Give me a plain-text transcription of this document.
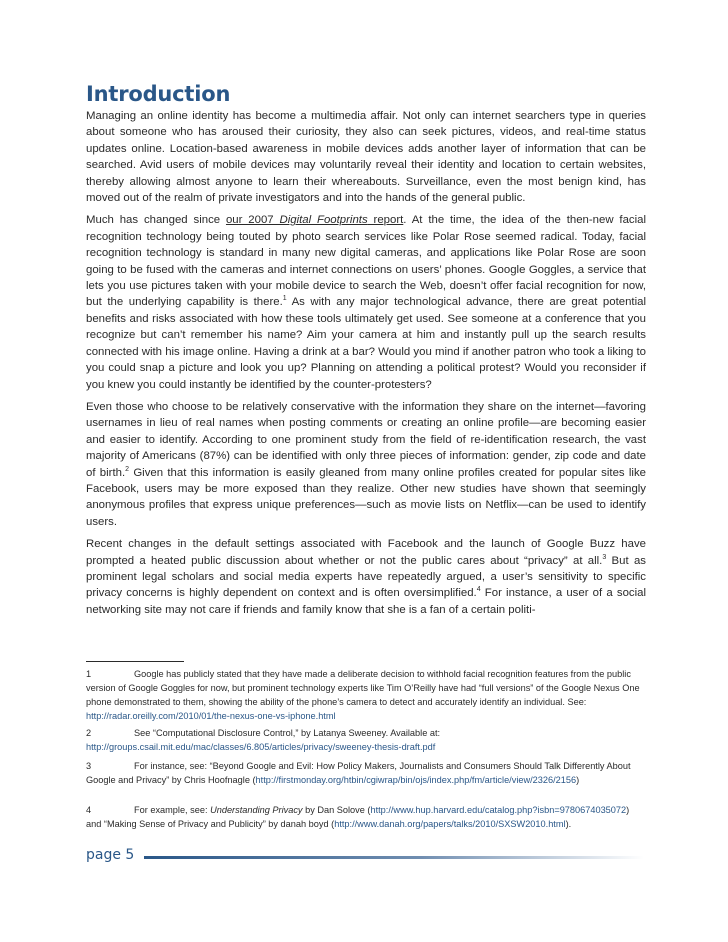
Introduction

Managing an online identity has become a multimedia affair. Not only can internet searchers type in queries about someone who has aroused their curiosity, they also can seek pictures, videos, and real-time status updates online. Location-based awareness in mobile devices adds another layer of information that can be searched. Avid users of mobile devices may voluntarily reveal their identity and location to certain websites, thereby allowing almost anyone to learn their whereabouts. Surveillance, even the most benign kind, has moved out of the realm of private investigators and into the hands of the general public.

Much has changed since our 2007 Digital Footprints report. At the time, the idea of the then-new facial recognition technology being touted by photo search services like Polar Rose seemed radical. Today, facial recognition technology is standard in many new digital cameras, and applications like Polar Rose are soon going to be fused with the cameras and internet connections on users’ phones. Google Goggles, a service that lets you use pictures taken with your mobile device to search the Web, doesn’t offer facial recognition for now, but the underlying capability is there.$^1$ As with any major technological advance, there are great potential benefits and risks associated with how these tools ultimately get used. See someone at a conference that you recognize but can’t remember his name? Aim your camera at him and instantly pull up the search results connected with his image online. Having a drink at a bar? Would you mind if another patron who took a liking to you could snap a picture and look you up? Planning on attending a political protest? Would you reconsider if you knew you could instantly be identified by the counter-protesters?

Even those who choose to be relatively conservative with the information they share on the internet—favoring usernames in lieu of real names when posting comments or creating an online profile—are becoming easier and easier to identify. According to one prominent study from the field of re-identification research, the vast majority of Americans (87%) can be identified with only three pieces of information: gender, zip code and date of birth.$^2$ Given that this information is easily gleaned from many online profiles created for popular sites like Facebook, users may be more exposed than they realize. Other new studies have shown that seemingly anonymous profiles that express unique preferences—such as movie lists on Netflix—can be used to identify users.

Recent changes in the default settings associated with Facebook and the launch of Google Buzz have prompted a heated public discussion about whether or not the public cares about “privacy” at all.$^3$ But as prominent legal scholars and social media experts have repeatedly argued, a user’s sensitivity to specific privacy concerns is highly dependent on context and is often oversimplified.$^4$ For instance, a user of a social networking site may not care if friends and family know that she is a fan of a certain politi-

1	Google has publicly stated that they have made a deliberate decision to withhold facial recognition features from the public version of Google Goggles for now, but prominent technology experts like Tim O’Reilly have had “full versions” of the Google Nexus One phone demonstrated to them, showing the ability of the phone’s camera to detect and accurately identify an individual. See: http://radar.oreilly.com/2010/01/the-nexus-one-vs-iphone.html
2	See “Computational Disclosure Control,” by Latanya Sweeney. Available at: http://groups.csail.mit.edu/mac/classes/6.805/articles/privacy/sweeney-thesis-draft.pdf
3	For instance, see: “Beyond Google and Evil: How Policy Makers, Journalists and Consumers Should Talk Differently About Google and Privacy” by Chris Hoofnagle (http://firstmonday.org/htbin/cgiwrap/bin/ojs/index.php/fm/article/view/2326/2156)
4	For example, see: Understanding Privacy by Dan Solove (http://www.hup.harvard.edu/catalog.php?isbn=9780674035072) and “Making Sense of Privacy and Publicity” by danah boyd (http://www.danah.org/papers/talks/2010/SXSW2010.html).
page 5
